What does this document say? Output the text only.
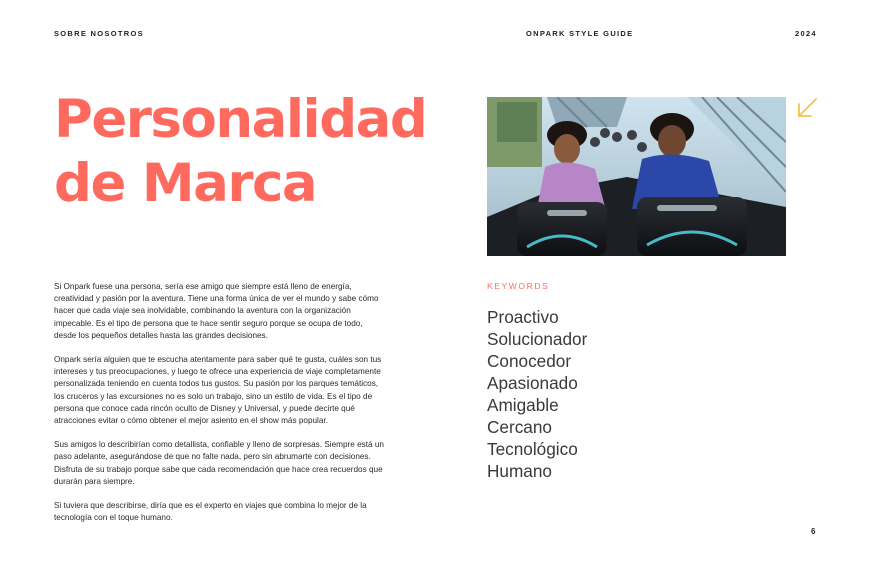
SOBRE NOSOTROS	ONPARK STYLE GUIDE	2024
Personalidad
de Marca

Si Onpark fuese una persona, sería ese amigo que siempre está lleno de energía, creatividad y pasión por la aventura. Tiene una forma única de ver el mundo y sabe cómo hacer que cada viaje sea inolvidable, combinando la aventura con la organización impecable. Es el tipo de persona que te hace sentir seguro porque se ocupa de todo, desde los pequeños detalles hasta las grandes decisiones.

Onpark sería alguien que te escucha atentamente para saber qué te gusta, cuáles son tus intereses y tus preocupaciones, y luego te ofrece una experiencia de viaje completamente personalizada teniendo en cuenta todos tus gustos. Su pasión por los parques temáticos, los cruceros y las excursiones no es solo un trabajo, sino un estilo de vida. Es el tipo de persona que conoce cada rincón oculto de Disney y Universal, y puede decirte qué atracciones evitar o cómo obtener el mejor asiento en el show más popular.

Sus amigos lo describirían como detallista, confiable y lleno de sorpresas. Siempre está un paso adelante, asegurándose de que no falte nada, pero sin abrumarte con decisiones. Disfruta de su trabajo porque sabe que cada recomendación que hace crea recuerdos que durarán para siempre.

Si tuviera que describirse, diría que es el experto en viajes que combina lo mejor de la tecnología con el toque humano.

KEYWORDS
Proactivo
Solucionador
Conocedor
Apasionado
Amigable
Cercano
Tecnológico
Humano
6
